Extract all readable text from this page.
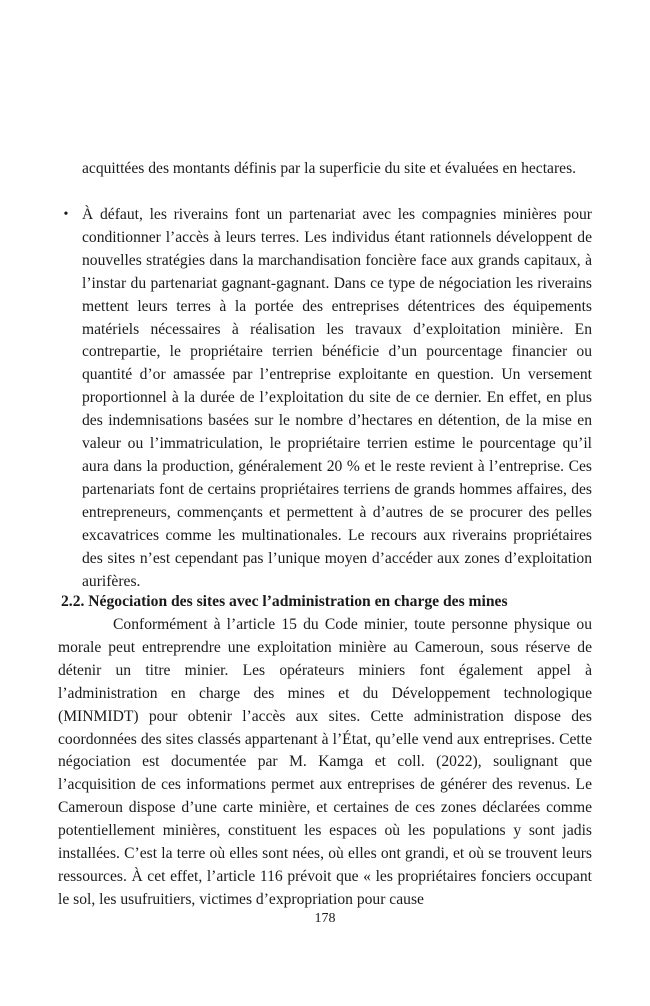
acquittées des montants définis par la superficie du site et évaluées en hectares.

• À défaut, les riverains font un partenariat avec les compagnies minières pour conditionner l’accès à leurs terres. Les individus étant rationnels développent de nouvelles stratégies dans la marchandisation foncière face aux grands capitaux, à l’instar du partenariat gagnant-gagnant. Dans ce type de négociation les riverains mettent leurs terres à la portée des entreprises détentrices des équipements matériels nécessaires à réalisation les travaux d’exploitation minière. En contrepartie, le propriétaire terrien bénéficie d’un pourcentage financier ou quantité d’or amassée par l’entreprise exploitante en question. Un versement proportionnel à la durée de l’exploitation du site de ce dernier. En effet, en plus des indemnisations basées sur le nombre d’hectares en détention, de la mise en valeur ou l’immatriculation, le propriétaire terrien estime le pourcentage qu’il aura dans la production, généralement 20 % et le reste revient à l’entreprise. Ces partenariats font de certains propriétaires terriens de grands hommes affaires, des entrepreneurs, commençants et permettent à d’autres de se procurer des pelles excavatrices comme les multinationales. Le recours aux riverains propriétaires des sites n’est cependant pas l’unique moyen d’accéder aux zones d’exploitation aurifères.
2.2. Négociation des sites avec l’administration en charge des mines

Conformément à l’article 15 du Code minier, toute personne physique ou morale peut entreprendre une exploitation minière au Cameroun, sous réserve de détenir un titre minier. Les opérateurs miniers font également appel à l’administration en charge des mines et du Développement technologique (MINMIDT) pour obtenir l’accès aux sites. Cette administration dispose des coordonnées des sites classés appartenant à l’État, qu’elle vend aux entreprises. Cette négociation est documentée par M. Kamga et coll. (2022), soulignant que l’acquisition de ces informations permet aux entreprises de générer des revenus. Le Cameroun dispose d’une carte minière, et certaines de ces zones déclarées comme potentiellement minières, constituent les espaces où les populations y sont jadis installées. C’est la terre où elles sont nées, où elles ont grandi, et où se trouvent leurs ressources. À cet effet, l’article 116 prévoit que « les propriétaires fonciers occupant le sol, les usufruitiers, victimes d’expropriation pour cause

178
